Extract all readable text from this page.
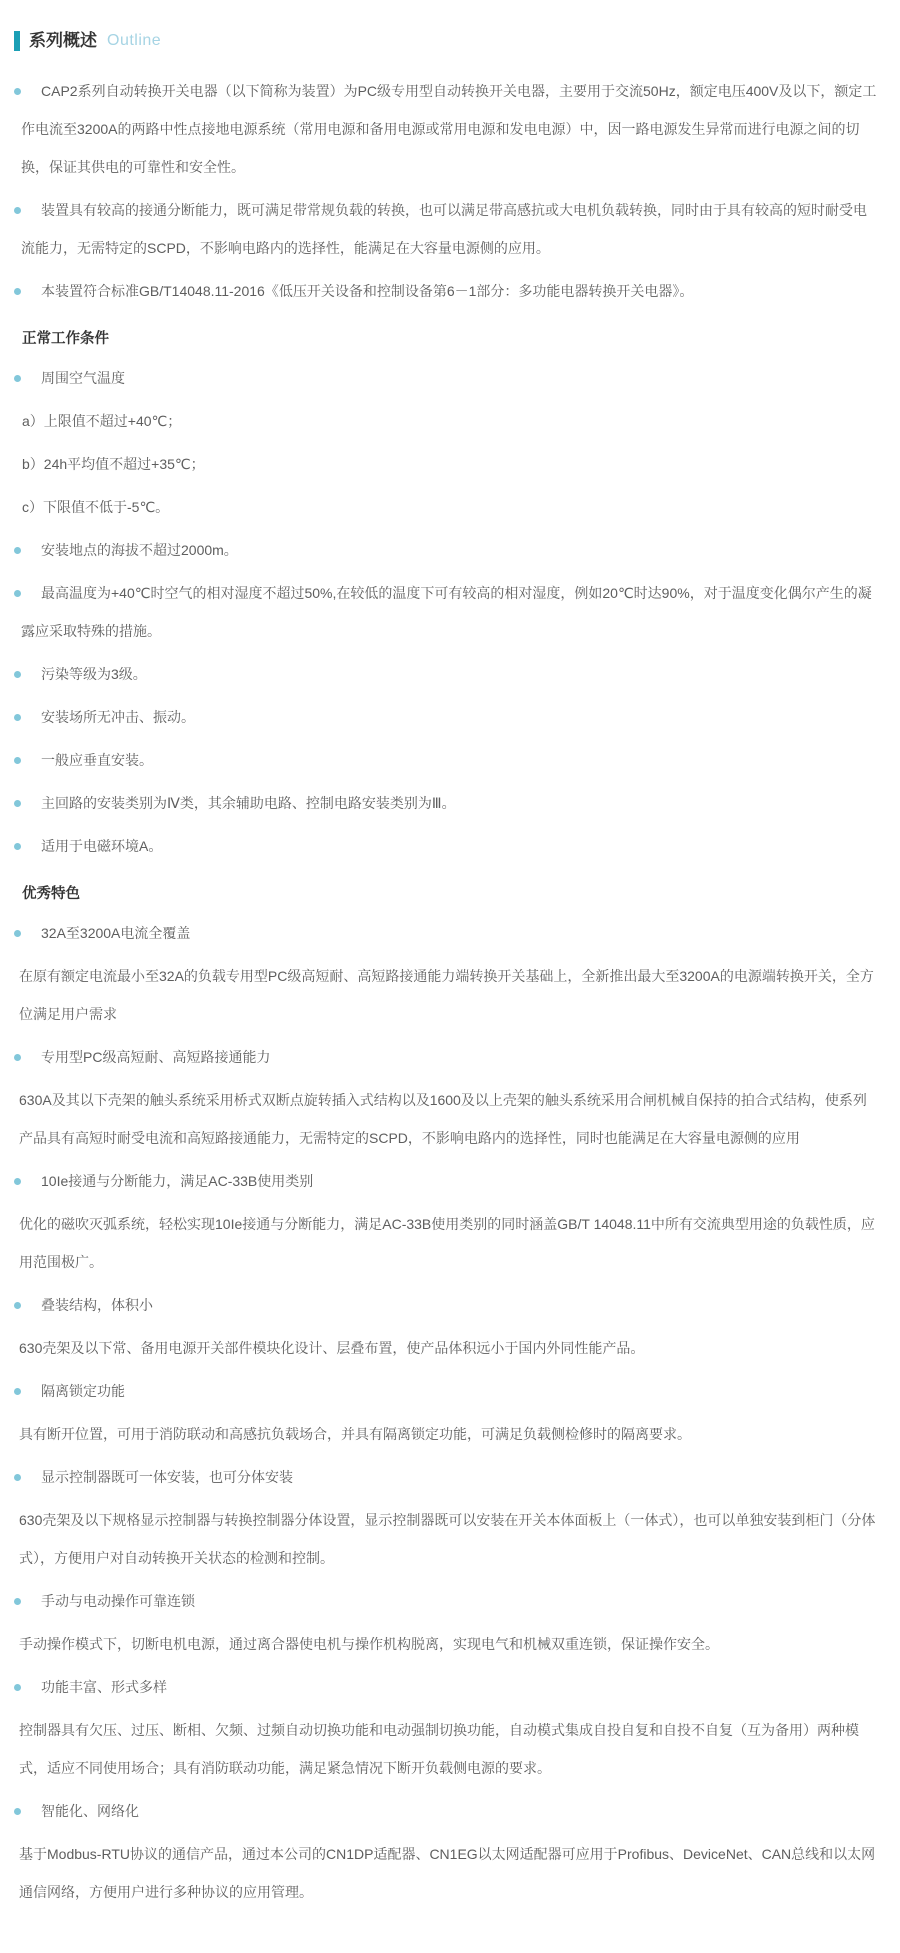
系列概述 Outline

CAP2系列自动转换开关电器（以下简称为装置）为PC级专用型自动转换开关电器，主要用于交流50Hz，额定电压400V及以下，额定工作电流至3200A的两路中性点接地电源系统（常用电源和备用电源或常用电源和发电电源）中，因一路电源发生异常而进行电源之间的切换，保证其供电的可靠性和安全性。

装置具有较高的接通分断能力，既可满足带常规负载的转换，也可以满足带高感抗或大电机负载转换，同时由于具有较高的短时耐受电流能力，无需特定的SCPD，不影响电路内的选择性，能满足在大容量电源侧的应用。

本装置符合标准GB/T14048.11-2016《低压开关设备和控制设备第6－1部分：多功能电器转换开关电器》。

正常工作条件

周围空气温度

a）上限值不超过+40℃；

b）24h平均值不超过+35℃；

c）下限值不低于-5℃。

安装地点的海拔不超过2000m。

最高温度为+40℃时空气的相对湿度不超过50%,在较低的温度下可有较高的相对湿度，例如20℃时达90%，对于温度变化偶尔产生的凝露应采取特殊的措施。

污染等级为3级。

安装场所无冲击、振动。

一般应垂直安装。

主回路的安装类别为Ⅳ类，其余辅助电路、控制电路安装类别为Ⅲ。

适用于电磁环境A。

优秀特色

32A至3200A电流全覆盖

在原有额定电流最小至32A的负载专用型PC级高短耐、高短路接通能力端转换开关基础上，全新推出最大至3200A的电源端转换开关，全方位满足用户需求

专用型PC级高短耐、高短路接通能力

630A及其以下壳架的触头系统采用桥式双断点旋转插入式结构以及1600及以上壳架的触头系统采用合闸机械自保持的拍合式结构，使系列产品具有高短时耐受电流和高短路接通能力，无需特定的SCPD，不影响电路内的选择性，同时也能满足在大容量电源侧的应用

10Ie接通与分断能力，满足AC-33B使用类别

优化的磁吹灭弧系统，轻松实现10Ie接通与分断能力，满足AC-33B使用类别的同时涵盖GB/T 14048.11中所有交流典型用途的负载性质，应用范围极广。

叠装结构，体积小

630壳架及以下常、备用电源开关部件模块化设计、层叠布置，使产品体积远小于国内外同性能产品。

隔离锁定功能

具有断开位置，可用于消防联动和高感抗负载场合，并具有隔离锁定功能，可满足负载侧检修时的隔离要求。

显示控制器既可一体安装，也可分体安装

630壳架及以下规格显示控制器与转换控制器分体设置，显示控制器既可以安装在开关本体面板上（一体式），也可以单独安装到柜门（分体式），方便用户对自动转换开关状态的检测和控制。

手动与电动操作可靠连锁

手动操作模式下，切断电机电源，通过离合器使电机与操作机构脱离，实现电气和机械双重连锁，保证操作安全。

功能丰富、形式多样

控制器具有欠压、过压、断相、欠频、过频自动切换功能和电动强制切换功能，自动模式集成自投自复和自投不自复（互为备用）两种模式，适应不同使用场合；具有消防联动功能，满足紧急情况下断开负载侧电源的要求。

智能化、网络化

基于Modbus-RTU协议的通信产品，通过本公司的CN1DP适配器、CN1EG以太网适配器可应用于Profibus、DeviceNet、CAN总线和以太网通信网络，方便用户进行多种协议的应用管理。
